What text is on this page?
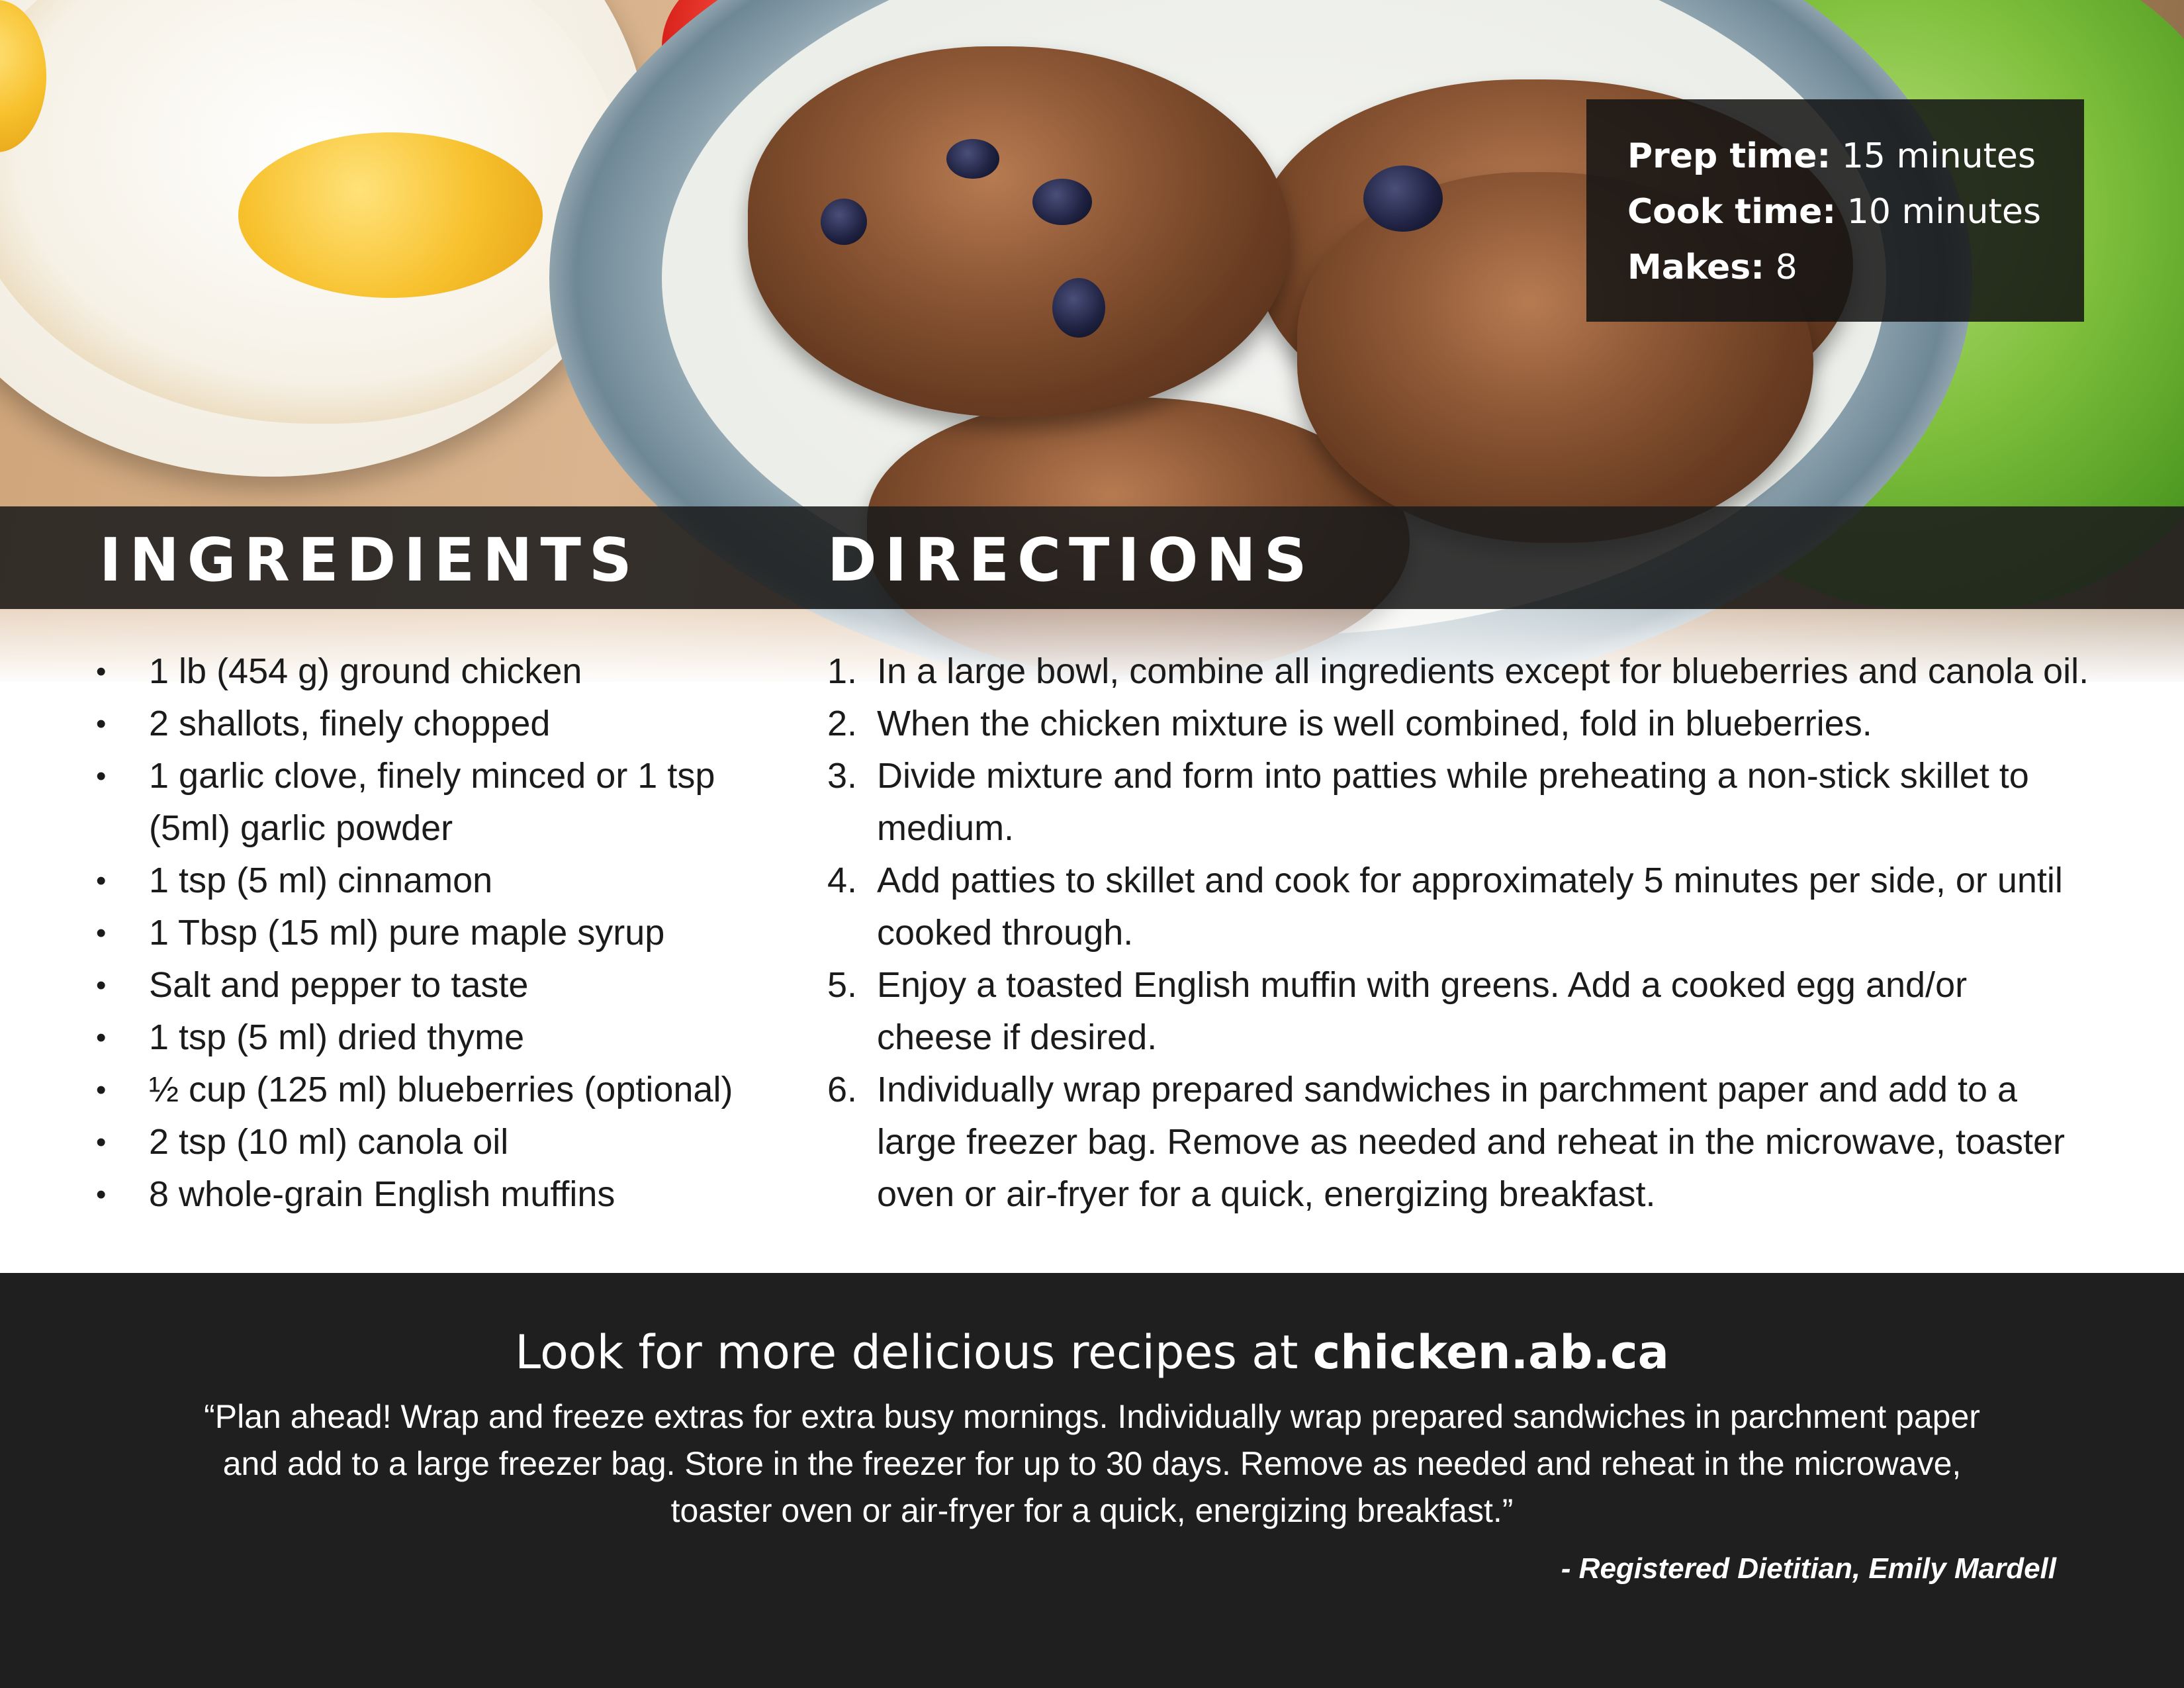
Prep time: 15 minutes
Cook time: 10 minutes
Makes: 8
INGREDIENTS	DIRECTIONS
• 1 lb (454 g) ground chicken
• 2 shallots, finely chopped
• 1 garlic clove, finely minced or 1 tsp (5ml) garlic powder
• 1 tsp (5 ml) cinnamon
• 1 Tbsp (15 ml) pure maple syrup
• Salt and pepper to taste
• 1 tsp (5 ml) dried thyme
• ½ cup (125 ml) blueberries (optional)
• 2 tsp (10 ml) canola oil
• 8 whole-grain English muffins
1. In a large bowl, combine all ingredients except for blueberries and canola oil.
2. When the chicken mixture is well combined, fold in blueberries.
3. Divide mixture and form into patties while preheating a non-stick skillet to medium.
4. Add patties to skillet and cook for approximately 5 minutes per side, or until cooked through.
5. Enjoy a toasted English muffin with greens. Add a cooked egg and/or cheese if desired.
6. Individually wrap prepared sandwiches in parchment paper and add to a large freezer bag. Remove as needed and reheat in the microwave, toaster oven or air-fryer for a quick, energizing breakfast.
Look for more delicious recipes at chicken.ab.ca
“Plan ahead! Wrap and freeze extras for extra busy mornings. Individually wrap prepared sandwiches in parchment paper and add to a large freezer bag. Store in the freezer for up to 30 days. Remove as needed and reheat in the microwave, toaster oven or air-fryer for a quick, energizing breakfast.”
- Registered Dietitian, Emily Mardell
